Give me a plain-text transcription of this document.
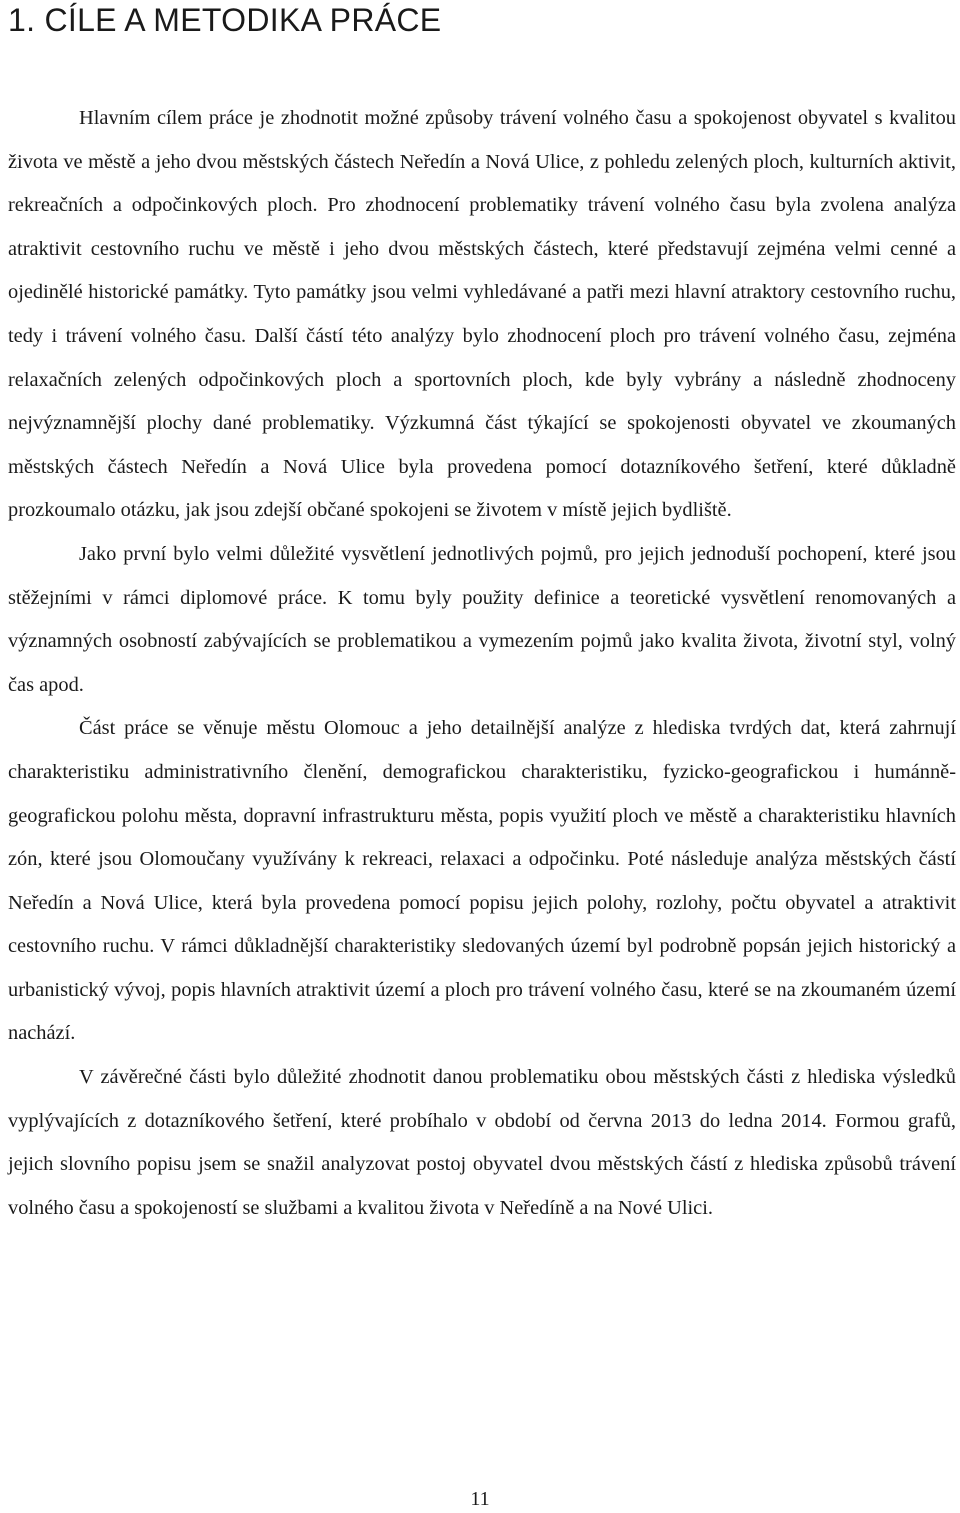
1. CÍLE A METODIKA PRÁCE

Hlavním cílem práce je zhodnotit možné způsoby trávení volného času a spokojenost obyvatel s kvalitou života ve městě a jeho dvou městských částech Neředín a Nová Ulice, z pohledu zelených ploch, kulturních aktivit, rekreačních a odpočinkových ploch. Pro zhodnocení problematiky trávení volného času byla zvolena analýza atraktivit cestovního ruchu ve městě i jeho dvou městských částech, které představují zejména velmi cenné a ojedinělé historické památky. Tyto památky jsou velmi vyhledávané a patři mezi hlavní atraktory cestovního ruchu, tedy i trávení volného času. Další částí této analýzy bylo zhodnocení ploch pro trávení volného času, zejména relaxačních zelených odpočinkových ploch a sportovních ploch, kde byly vybrány a následně zhodnoceny nejvýznamnější plochy dané problematiky. Výzkumná část týkající se spokojenosti obyvatel ve zkoumaných městských částech Neředín a Nová Ulice byla provedena pomocí dotazníkového šetření, které důkladně prozkoumalo otázku, jak jsou zdejší občané spokojeni se životem v místě jejich bydliště.

Jako první bylo velmi důležité vysvětlení jednotlivých pojmů, pro jejich jednoduší pochopení, které jsou stěžejními v rámci diplomové práce. K tomu byly použity definice a teoretické vysvětlení renomovaných a významných osobností zabývajících se problematikou a vymezením pojmů jako kvalita života, životní styl, volný čas apod.

Část práce se věnuje městu Olomouc a jeho detailnější analýze z hlediska tvrdých dat, která zahrnují charakteristiku administrativního členění, demografickou charakteristiku, fyzicko-geografickou i humánně-geografickou polohu města, dopravní infrastrukturu města, popis využití ploch ve městě a charakteristiku hlavních zón, které jsou Olomoučany využívány k rekreaci, relaxaci a odpočinku. Poté následuje analýza městských částí Neředín a Nová Ulice, která byla provedena pomocí popisu jejich polohy, rozlohy, počtu obyvatel a atraktivit cestovního ruchu. V rámci důkladnější charakteristiky sledovaných území byl podrobně popsán jejich historický a urbanistický vývoj, popis hlavních atraktivit území a ploch pro trávení volného času, které se na zkoumaném území nachází.

V závěrečné části bylo důležité zhodnotit danou problematiku obou městských části z hlediska výsledků vyplývajících z dotazníkového šetření, které probíhalo v období od června 2013 do ledna 2014. Formou grafů, jejich slovního popisu jsem se snažil analyzovat postoj obyvatel dvou městských částí z hlediska způsobů trávení volného času a spokojeností se službami a kvalitou života v Neředíně a na Nové Ulici.

11
